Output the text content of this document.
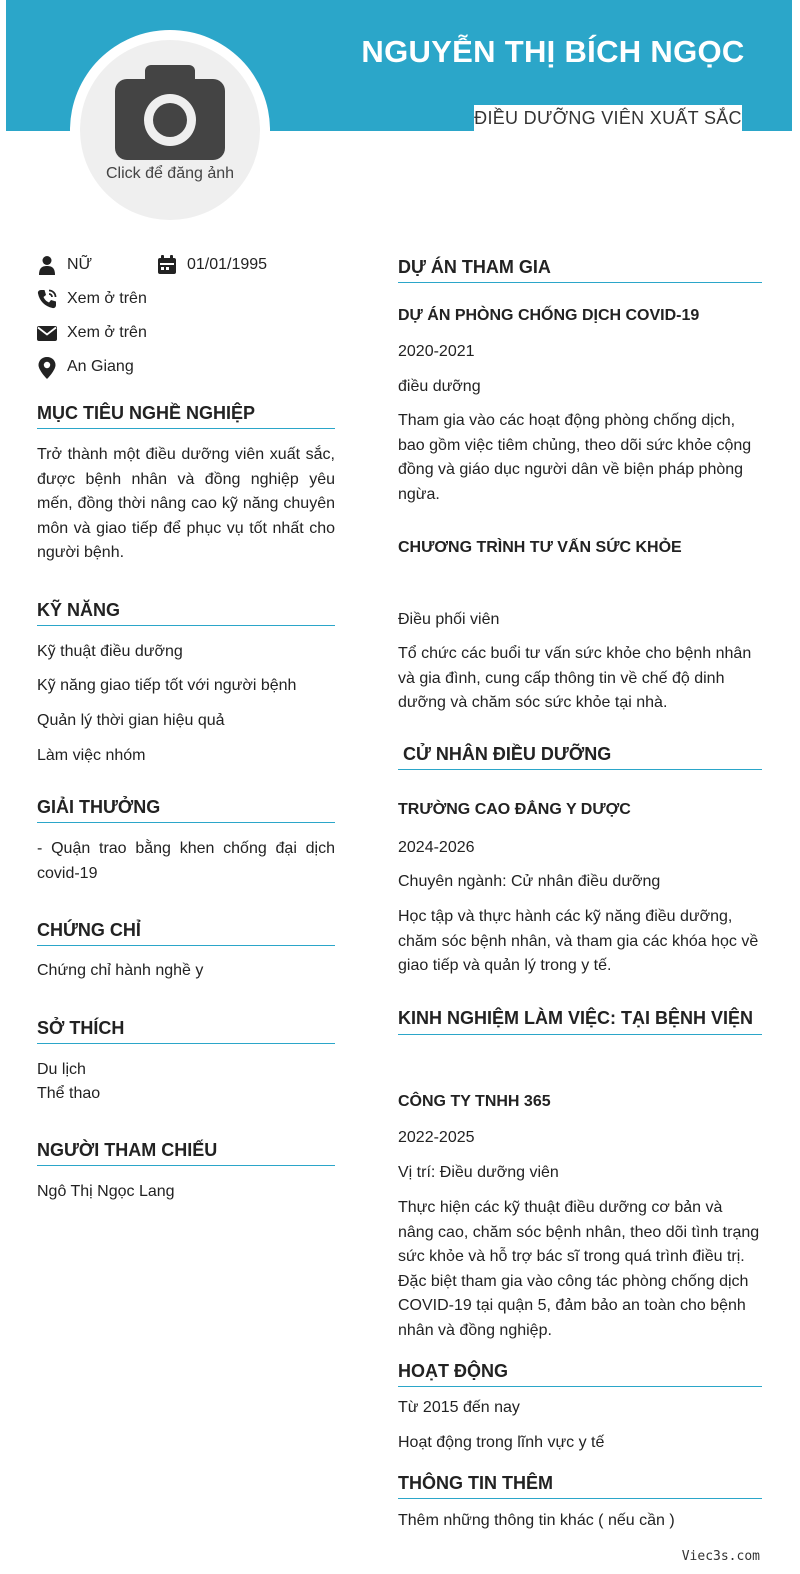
NGUYỄN THỊ BÍCH NGỌC
ĐIỀU DƯỠNG VIÊN XUẤT SẮC
Click để đăng ảnh
NỮ	01/01/1995
Xem ở trên
Xem ở trên
An Giang
MỤC TIÊU NGHỀ NGHIỆP
Trở thành một điều dưỡng viên xuất sắc, được bệnh nhân và đồng nghiệp yêu mến, đồng thời nâng cao kỹ năng chuyên môn và giao tiếp để phục vụ tốt nhất cho người bệnh.
KỸ NĂNG
Kỹ thuật điều dưỡng
Kỹ năng giao tiếp tốt với người bệnh
Quản lý thời gian hiệu quả
Làm việc nhóm
GIẢI THƯỞNG
- Quận trao bằng khen chống đại dịch covid-19
CHỨNG CHỈ
Chứng chỉ hành nghề y
SỞ THÍCH
Du lịch
Thể thao
NGƯỜI THAM CHIẾU
Ngô Thị Ngọc Lang
DỰ ÁN THAM GIA
DỰ ÁN PHÒNG CHỐNG DỊCH COVID-19
2020-2021
điều dưỡng
Tham gia vào các hoạt động phòng chống dịch, bao gồm việc tiêm chủng, theo dõi sức khỏe cộng đồng và giáo dục người dân về biện pháp phòng ngừa.
CHƯƠNG TRÌNH TƯ VẤN SỨC KHỎE
Điều phối viên
Tổ chức các buổi tư vấn sức khỏe cho bệnh nhân và gia đình, cung cấp thông tin về chế độ dinh dưỡng và chăm sóc sức khỏe tại nhà.
CỬ NHÂN ĐIỀU DƯỠNG
TRƯỜNG CAO ĐẲNG Y DƯỢC
2024-2026
Chuyên ngành: Cử nhân điều dưỡng
Học tập và thực hành các kỹ năng điều dưỡng, chăm sóc bệnh nhân, và tham gia các khóa học về giao tiếp và quản lý trong y tế.
KINH NGHIỆM LÀM VIỆC: TẠI BỆNH VIỆN
CÔNG TY TNHH 365
2022-2025
Vị trí: Điều dưỡng viên
Thực hiện các kỹ thuật điều dưỡng cơ bản và nâng cao, chăm sóc bệnh nhân, theo dõi tình trạng sức khỏe và hỗ trợ bác sĩ trong quá trình điều trị. Đặc biệt tham gia vào công tác phòng chống dịch COVID-19 tại quận 5, đảm bảo an toàn cho bệnh nhân và đồng nghiệp.
HOẠT ĐỘNG
Từ 2015 đến nay
Hoạt động trong lĩnh vực y tế
THÔNG TIN THÊM
Thêm những thông tin khác ( nếu cần )
Viec3s.com
